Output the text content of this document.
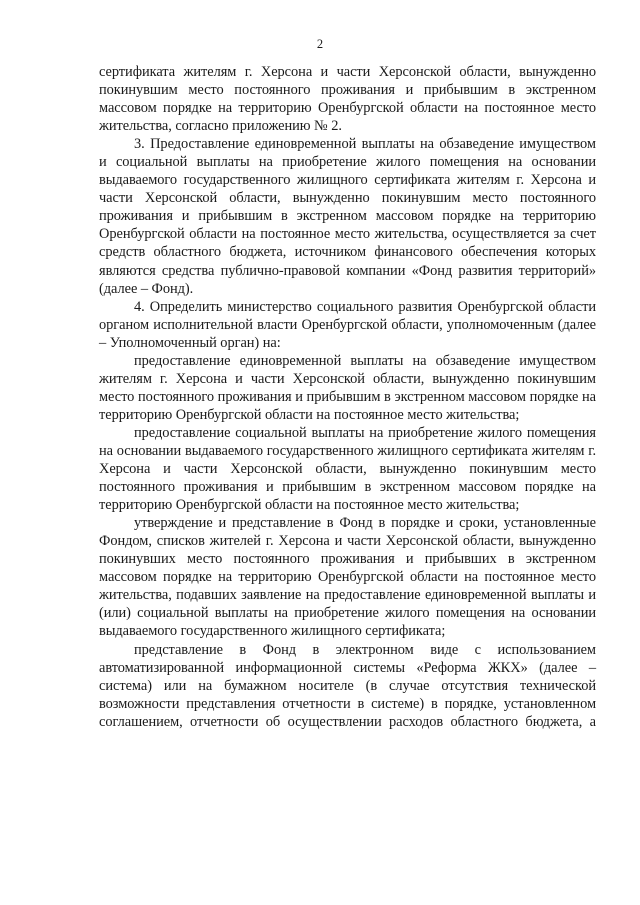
2

сертификата жителям г. Херсона и части Херсонской области, вынужденно покинувшим место постоянного проживания и прибывшим в экстренном массовом порядке на территорию Оренбургской области на постоянное место жительства, согласно приложению № 2.

3. Предоставление единовременной выплаты на обзаведение имуществом и социальной выплаты на приобретение жилого помещения на основании выдаваемого государственного жилищного сертификата жителям г. Херсона и части Херсонской области, вынужденно покинувшим место постоянного проживания и прибывшим в экстренном массовом порядке на территорию Оренбургской области на постоянное место жительства, осуществляется за счет средств областного бюджета, источником финансового обеспечения которых являются средства публично-правовой компании «Фонд развития территорий» (далее – Фонд).

4. Определить министерство социального развития Оренбургской области органом исполнительной власти Оренбургской области, уполномоченным (далее – Уполномоченный орган) на:

предоставление единовременной выплаты на обзаведение имуществом жителям г. Херсона и части Херсонской области, вынужденно покинувшим место постоянного проживания и прибывшим в экстренном массовом порядке на территорию Оренбургской области на постоянное место жительства;

предоставление социальной выплаты на приобретение жилого помещения на основании выдаваемого государственного жилищного сертификата жителям г. Херсона и части Херсонской области, вынужденно покинувшим место постоянного проживания и прибывшим в экстренном массовом порядке на территорию Оренбургской области на постоянное место жительства;

утверждение и представление в Фонд в порядке и сроки, установленные Фондом, списков жителей г. Херсона и части Херсонской области, вынужденно покинувших место постоянного проживания и прибывших в экстренном массовом порядке на территорию Оренбургской области на постоянное место жительства, подавших заявление на предоставление единовременной выплаты и (или) социальной выплаты на приобретение жилого помещения на основании выдаваемого государственного жилищного сертификата;

представление в Фонд в электронном виде с использованием автоматизированной информационной системы «Реформа ЖКХ» (далее – система) или на бумажном носителе (в случае отсутствия технической возможности представления отчетности в системе) в порядке, установленном соглашением, отчетности об осуществлении расходов областного бюджета, а
